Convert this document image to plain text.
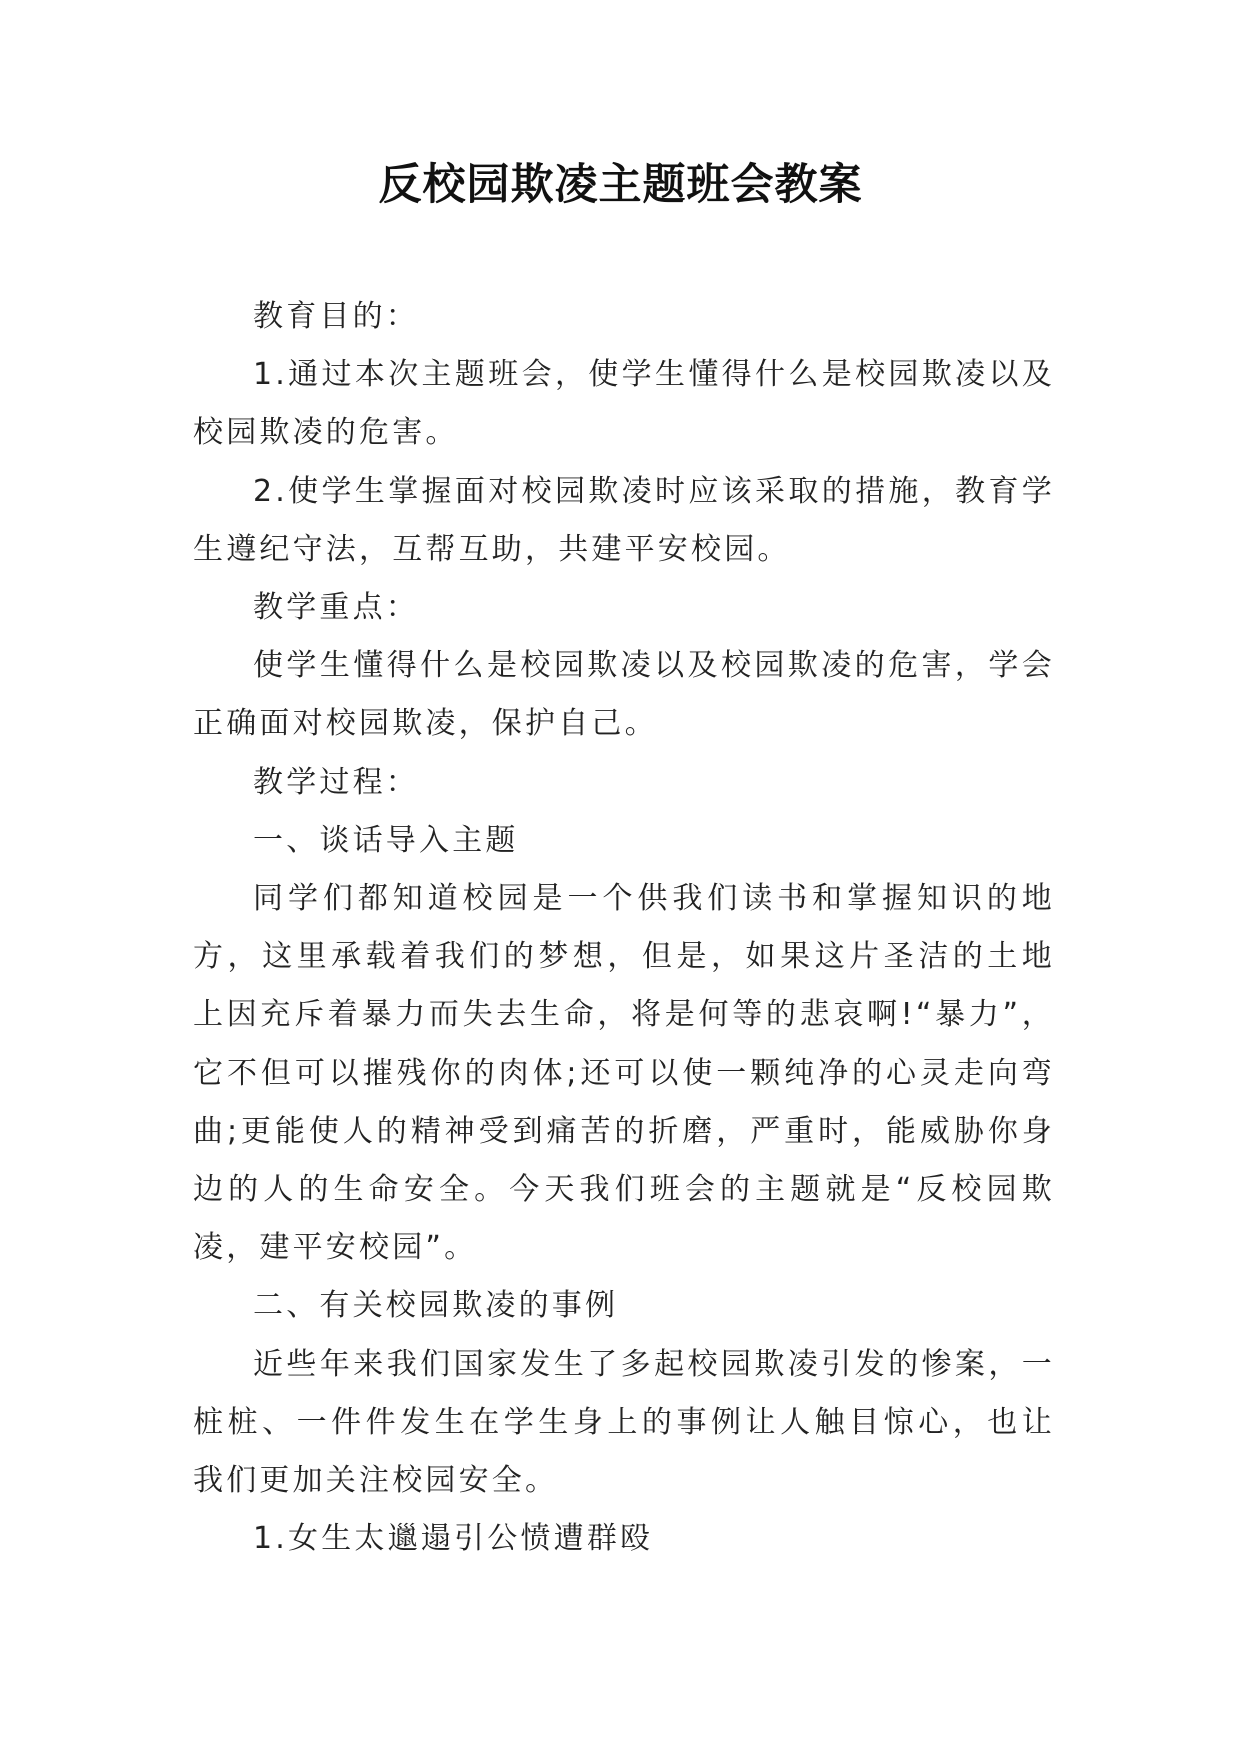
反校园欺凌主题班会教案

教育目的：

1.通过本次主题班会，使学生懂得什么是校园欺凌以及校园欺凌的危害。

2.使学生掌握面对校园欺凌时应该采取的措施，教育学生遵纪守法，互帮互助，共建平安校园。

教学重点：

使学生懂得什么是校园欺凌以及校园欺凌的危害，学会正确面对校园欺凌，保护自己。

教学过程：

一、谈话导入主题

同学们都知道校园是一个供我们读书和掌握知识的地方，这里承载着我们的梦想，但是，如果这片圣洁的土地上因充斥着暴力而失去生命，将是何等的悲哀啊!“暴力”，它不但可以摧残你的肉体;还可以使一颗纯净的心灵走向弯曲;更能使人的精神受到痛苦的折磨，严重时，能威胁你身边的人的生命安全。今天我们班会的主题就是“反校园欺凌，建平安校园”。

二、有关校园欺凌的事例

近些年来我们国家发生了多起校园欺凌引发的惨案，一桩桩、一件件发生在学生身上的事例让人触目惊心，也让我们更加关注校园安全。

1.女生太邋遢引公愤遭群殴
